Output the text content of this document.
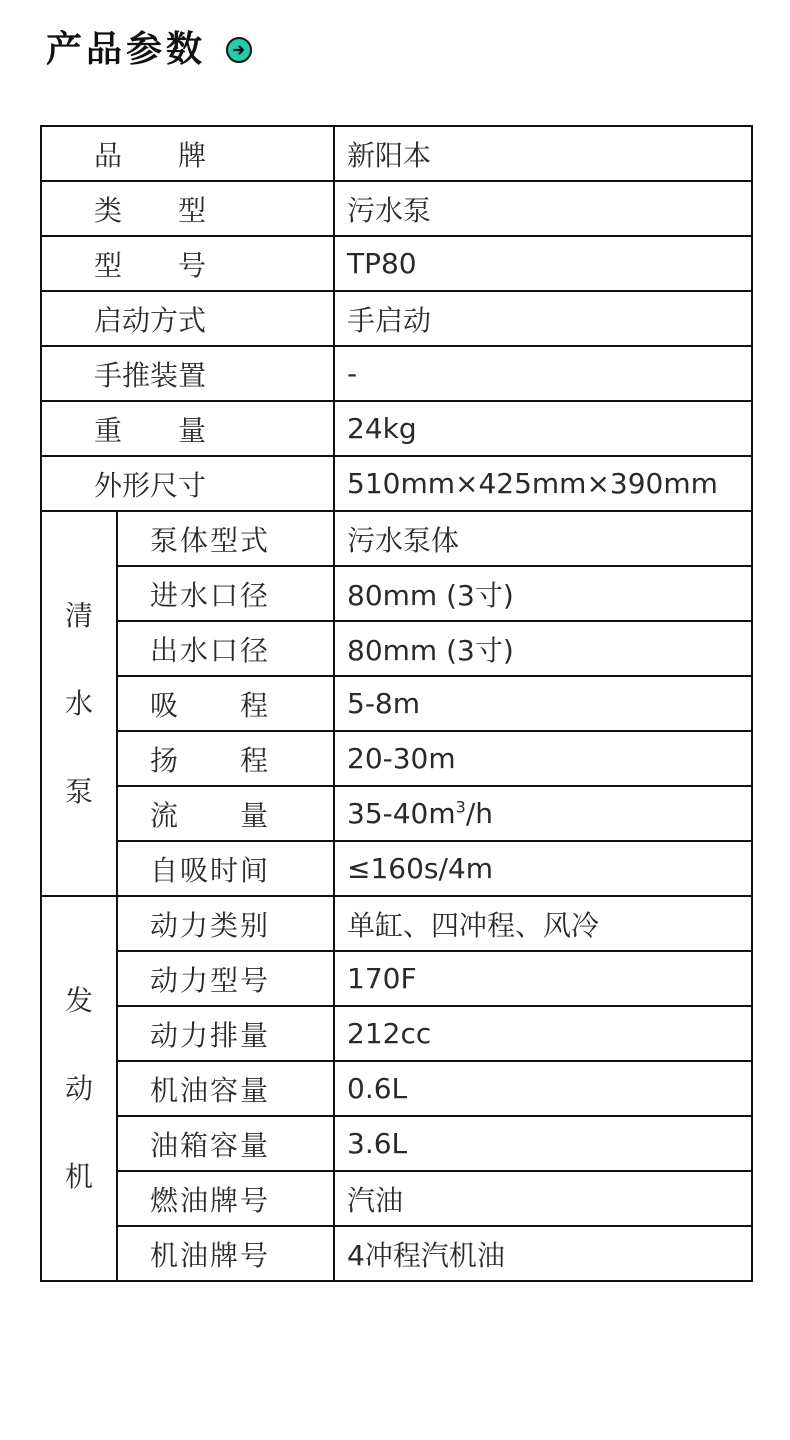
产品参数
品　牌		新阳本
类　型		污水泵
型　号		TP80
启动方式		手启动
手推装置		-
重　量		24kg
外形尺寸		510mm×425mm×390mm
清
水
泵	泵体型式	污水泵体
	进水口径	80mm (3寸)
	出水口径	80mm (3寸)
	吸　程	5-8m
	扬　程	20-30m
	流　量	$35-40m^3/h$
	自吸时间	≤160s/4m
发
动
机	动力类别	单缸、四冲程、风冷
	动力型号	170F
	动力排量	212cc
	机油容量	0.6L
	油箱容量	3.6L
	燃油牌号	汽油
	机油牌号	4冲程汽机油
